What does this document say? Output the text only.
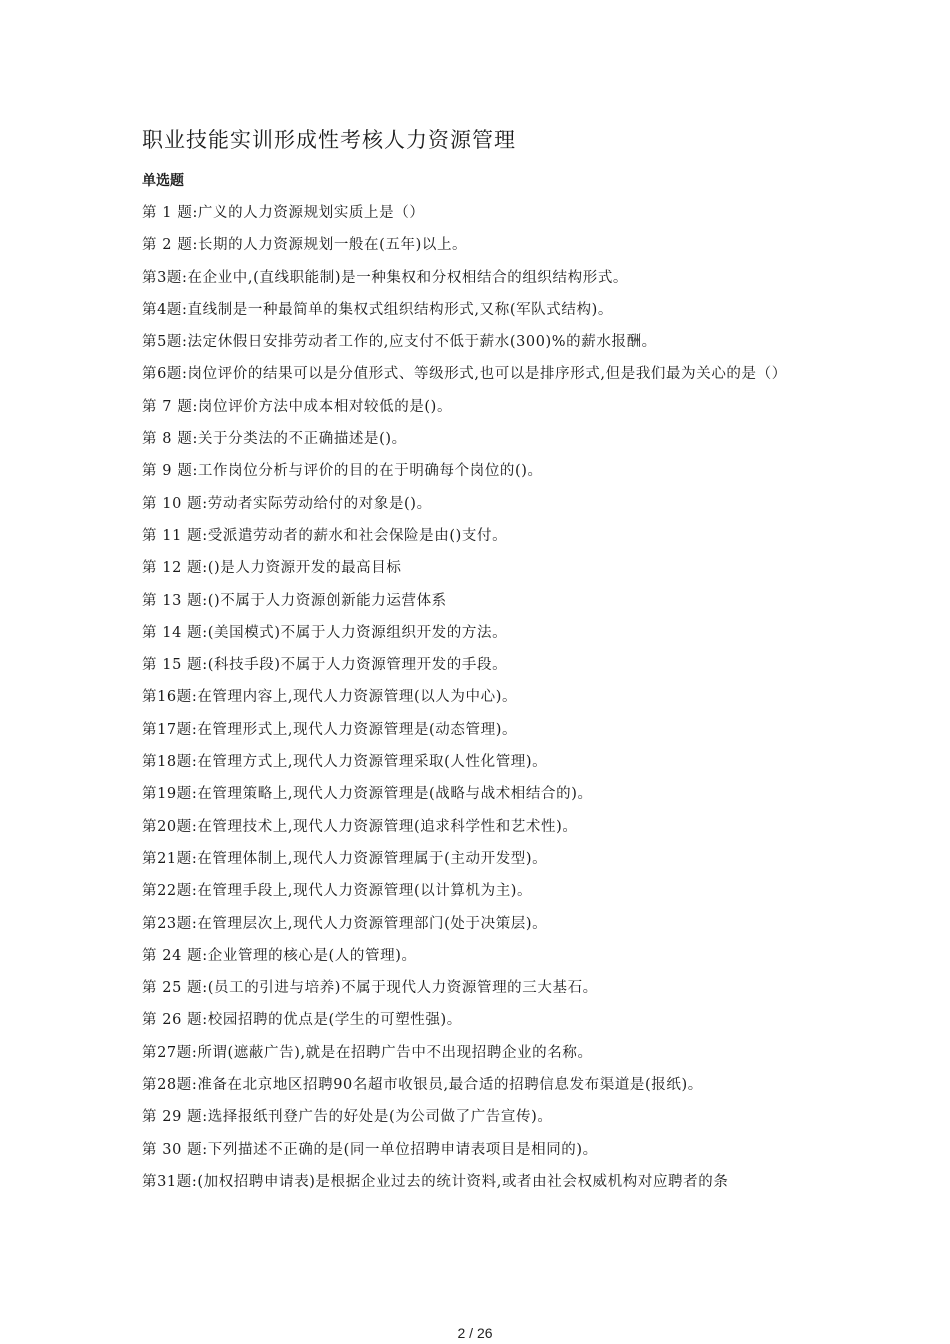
职业技能实训形成性考核人力资源管理
单选题
第 1 题:广义的人力资源规划实质上是（）
第 2 题:长期的人力资源规划一般在(五年)以上。
第3题:在企业中,(直线职能制)是一种集权和分权相结合的组织结构形式。
第4题:直线制是一种最简单的集权式组织结构形式,又称(军队式结构)。
第5题:法定休假日安排劳动者工作的,应支付不低于薪水(300)%的薪水报酬。
第6题:岗位评价的结果可以是分值形式、等级形式,也可以是排序形式,但是我们最为关心的是（）
第 7 题:岗位评价方法中成本相对较低的是()。
第 8 题:关于分类法的不正确描述是()。
第 9 题:工作岗位分析与评价的目的在于明确每个岗位的()。
第 10 题:劳动者实际劳动给付的对象是()。
第 11 题:受派遣劳动者的薪水和社会保险是由()支付。
第 12 题:()是人力资源开发的最高目标
第 13 题:()不属于人力资源创新能力运营体系
第 14 题:(美国模式)不属于人力资源组织开发的方法。
第 15 题:(科技手段)不属于人力资源管理开发的手段。
第16题:在管理内容上,现代人力资源管理(以人为中心)。
第17题:在管理形式上,现代人力资源管理是(动态管理)。
第18题:在管理方式上,现代人力资源管理采取(人性化管理)。
第19题:在管理策略上,现代人力资源管理是(战略与战术相结合的)。
第20题:在管理技术上,现代人力资源管理(追求科学性和艺术性)。
第21题:在管理体制上,现代人力资源管理属于(主动开发型)。
第22题:在管理手段上,现代人力资源管理(以计算机为主)。
第23题:在管理层次上,现代人力资源管理部门(处于决策层)。
第 24 题:企业管理的核心是(人的管理)。
第 25 题:(员工的引进与培养)不属于现代人力资源管理的三大基石。
第 26 题:校园招聘的优点是(学生的可塑性强)。
第27题:所谓(遮蔽广告),就是在招聘广告中不出现招聘企业的名称。
第28题:准备在北京地区招聘90名超市收银员,最合适的招聘信息发布渠道是(报纸)。
第 29 题:选择报纸刊登广告的好处是(为公司做了广告宣传)。
第 30 题:下列描述不正确的是(同一单位招聘申请表项目是相同的)。
第31题:(加权招聘申请表)是根据企业过去的统计资料,或者由社会权威机构对应聘者的条
2 / 26
